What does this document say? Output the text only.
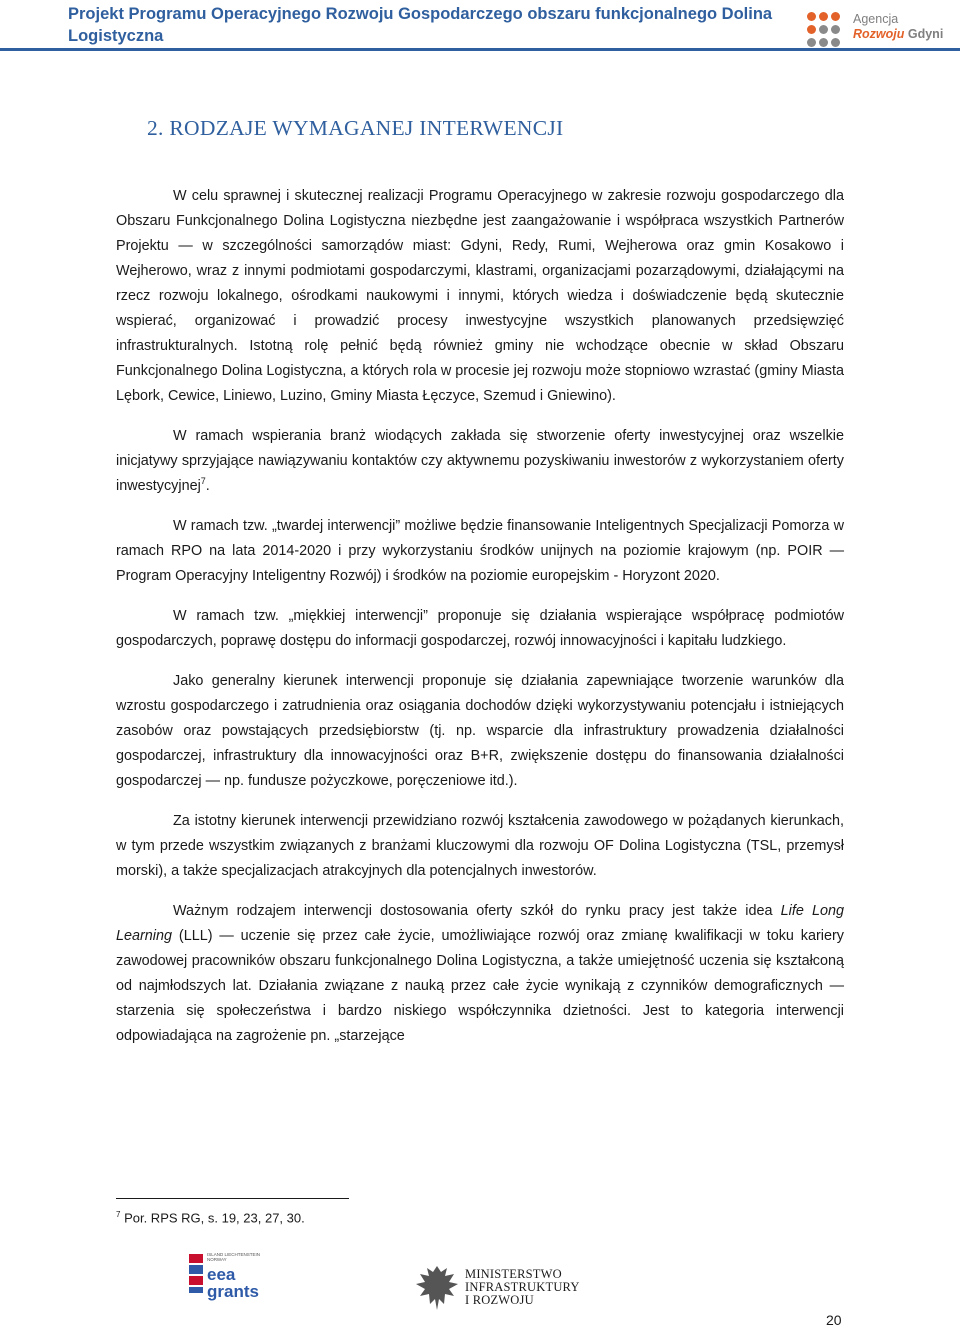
Projekt Programu Operacyjnego Rozwoju Gospodarczego obszaru funkcjonalnego Dolina Logistyczna
Agencja
Rozwoju Gdyni
2. RODZAJE WYMAGANEJ INTERWENCJI

W celu sprawnej i skutecznej realizacji Programu Operacyjnego w zakresie rozwoju gospodarczego dla Obszaru Funkcjonalnego Dolina Logistyczna niezbędne jest zaangażowanie i współpraca wszystkich Partnerów Projektu — w szczególności samorządów miast: Gdyni, Redy, Rumi, Wejherowa oraz gmin Kosakowo i Wejherowo, wraz z innymi podmiotami gospodarczymi, klastrami, organizacjami pozarządowymi, działającymi na rzecz rozwoju lokalnego, ośrodkami naukowymi i innymi, których wiedza i doświadczenie będą skutecznie wspierać, organizować i prowadzić procesy inwestycyjne wszystkich planowanych przedsięwzięć infrastrukturalnych. Istotną rolę pełnić będą również gminy nie wchodzące obecnie w skład Obszaru Funkcjonalnego Dolina Logistyczna, a których rola w procesie jej rozwoju może stopniowo wzrastać (gminy Miasta Lębork, Cewice, Liniewo, Luzino, Gminy Miasta Łęczyce, Szemud i Gniewino).

W ramach wspierania branż wiodących zakłada się stworzenie oferty inwestycyjnej oraz wszelkie inicjatywy sprzyjające nawiązywaniu kontaktów czy aktywnemu pozyskiwaniu inwestorów z wykorzystaniem oferty inwestycyjnej$^7$.

W ramach tzw. „twardej interwencji” możliwe będzie finansowanie Inteligentnych Specjalizacji Pomorza w ramach RPO na lata 2014-2020 i przy wykorzystaniu środków unijnych na poziomie krajowym (np. POIR — Program Operacyjny Inteligentny Rozwój) i środków na poziomie europejskim - Horyzont 2020.

W ramach tzw. „miękkiej interwencji” proponuje się działania wspierające współpracę podmiotów gospodarczych, poprawę dostępu do informacji gospodarczej, rozwój innowacyjności i kapitału ludzkiego.

Jako generalny kierunek interwencji proponuje się działania zapewniające tworzenie warunków dla wzrostu gospodarczego i zatrudnienia oraz osiągania dochodów dzięki wykorzystywaniu potencjału i istniejących zasobów oraz powstających przedsiębiorstw (tj. np. wsparcie dla infrastruktury prowadzenia działalności gospodarczej, infrastruktury dla innowacyjności oraz B+R, zwiększenie dostępu do finansowania działalności gospodarczej — np. fundusze pożyczkowe, poręczeniowe itd.).

Za istotny kierunek interwencji przewidziano rozwój kształcenia zawodowego w pożądanych kierunkach, w tym przede wszystkim związanych z branżami kluczowymi dla rozwoju OF Dolina Logistyczna (TSL, przemysł morski), a także specjalizacjach atrakcyjnych dla potencjalnych inwestorów.

Ważnym rodzajem interwencji dostosowania oferty szkół do rynku pracy jest także idea Life Long Learning (LLL) — uczenie się przez całe życie, umożliwiające rozwój oraz zmianę kwalifikacji w toku kariery zawodowej pracowników obszaru funkcjonalnego Dolina Logistyczna, a także umiejętność uczenia się kształconą od najmłodszych lat. Działania związane z nauką przez całe życie wynikają z czynników demograficznych — starzenia się społeczeństwa i bardzo niskiego współczynnika dzietności. Jest to kategoria interwencji odpowiadająca na zagrożenie pn. „starzejące

$^7$ Por. RPS RG, s. 19, 23, 27, 30.
ISLAND LIECHTENSTEIN NORWAY
eea
grants
MINISTERSTWO
INFRASTRUKTURY
I ROZWOJU
20
